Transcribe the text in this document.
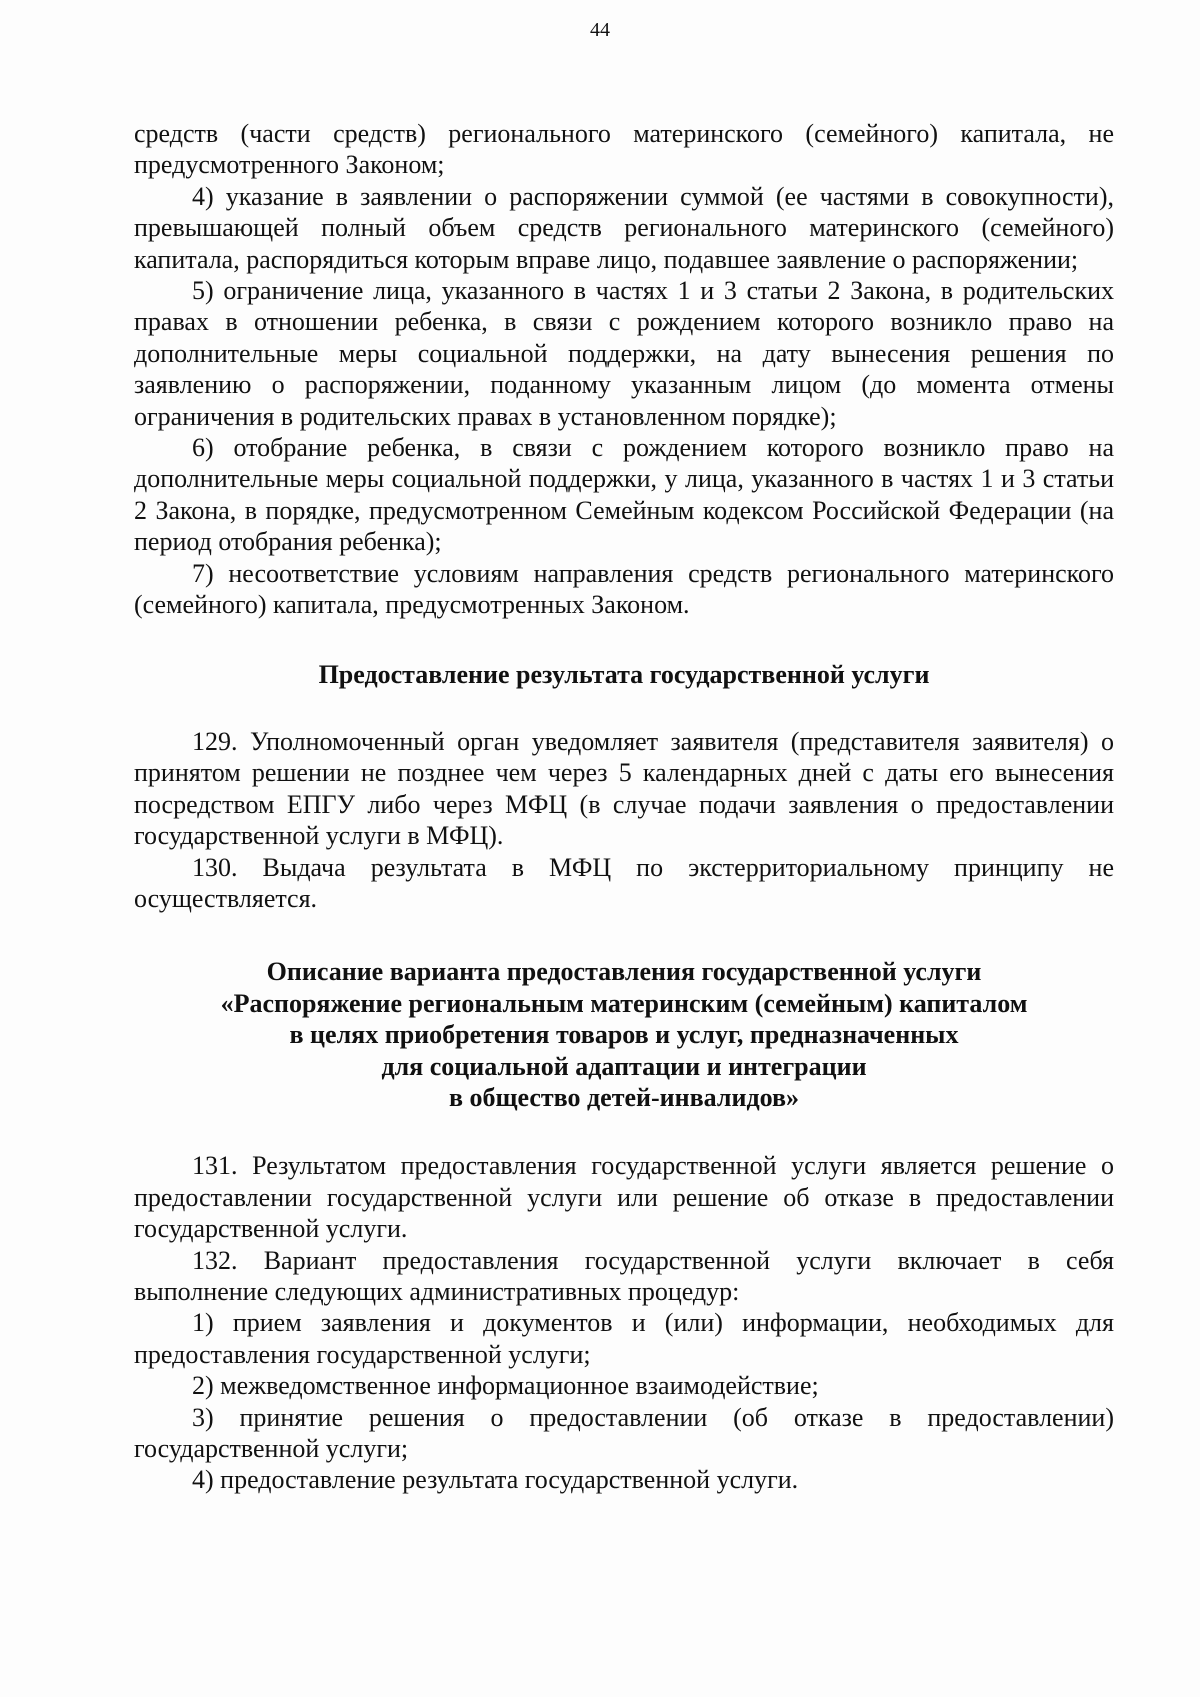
44

средств (части средств) регионального материнского (семейного) капитала, не предусмотренного Законом;

4) указание в заявлении о распоряжении суммой (ее частями в совокупности), превышающей полный объем средств регионального материнского (семейного) капитала, распорядиться которым вправе лицо, подавшее заявление о распоряжении;

5) ограничение лица, указанного в частях 1 и 3 статьи 2 Закона, в родительских правах в отношении ребенка, в связи с рождением которого возникло право на дополнительные меры социальной поддержки, на дату вынесения решения по заявлению о распоряжении, поданному указанным лицом (до момента отмены ограничения в родительских правах в установленном порядке);

6) отобрание ребенка, в связи с рождением которого возникло право на дополнительные меры социальной поддержки, у лица, указанного в частях 1 и 3 статьи 2 Закона, в порядке, предусмотренном Семейным кодексом Российской Федерации (на период отобрания ребенка);

7) несоответствие условиям направления средств регионального материнского (семейного) капитала, предусмотренных Законом.

Предоставление результата государственной услуги

129. Уполномоченный орган уведомляет заявителя (представителя заявителя) о принятом решении не позднее чем через 5 календарных дней с даты его вынесения посредством ЕПГУ либо через МФЦ (в случае подачи заявления о предоставлении государственной услуги в МФЦ).

130. Выдача результата в МФЦ по экстерриториальному принципу не осуществляется.

Описание варианта предоставления государственной услуги
«Распоряжение региональным материнским (семейным) капиталом
в целях приобретения товаров и услуг, предназначенных
для социальной адаптации и интеграции
в общество детей-инвалидов»

131. Результатом предоставления государственной услуги является решение о предоставлении государственной услуги или решение об отказе в предоставлении государственной услуги.

132. Вариант предоставления государственной услуги включает в себя выполнение следующих административных процедур:

1) прием заявления и документов и (или) информации, необходимых для предоставления государственной услуги;

2) межведомственное информационное взаимодействие;

3) принятие решения о предоставлении (об отказе в предоставлении) государственной услуги;

4) предоставление результата государственной услуги.
